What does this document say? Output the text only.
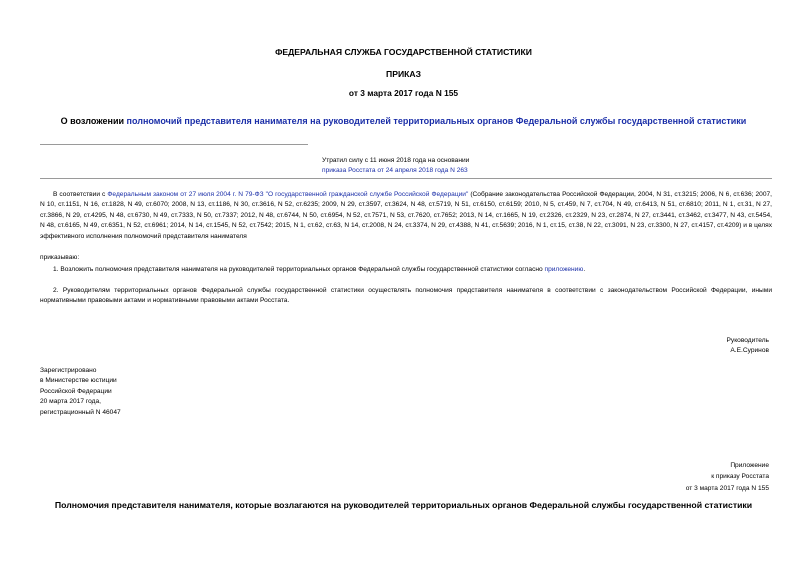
ФЕДЕРАЛЬНАЯ СЛУЖБА ГОСУДАРСТВЕННОЙ СТАТИСТИКИ
ПРИКАЗ
от 3 марта 2017 года N 155
О возложении полномочий представителя нанимателя на руководителей территориальных органов Федеральной службы государственной статистики
Утратил силу с 11 июня 2018 года на основании
приказа Росстата от 24 апреля 2018 года N 263
В соответствии с Федеральным законом от 27 июля 2004 г. N 79-ФЗ "О государственной гражданской службе Российской Федерации" (Собрание законодательства Российской Федерации, 2004, N 31, ст.3215; 2006, N 6, ст.636; 2007, N 10, ст.1151, N 16, ст.1828, N 49, ст.6070; 2008, N 13, ст.1186, N 30, ст.3616, N 52, ст.6235; 2009, N 29, ст.3597, ст.3624, N 48, ст.5719, N 51, ст.6150, ст.6159; 2010, N 5, ст.459, N 7, ст.704, N 49, ст.6413, N 51, ст.6810; 2011, N 1, ст.31, N 27, ст.3866, N 29, ст.4295, N 48, ст.6730, N 49, ст.7333, N 50, ст.7337; 2012, N 48, ст.6744, N 50, ст.6954, N 52, ст.7571, N 53, ст.7620, ст.7652; 2013, N 14, ст.1665, N 19, ст.2326, ст.2329, N 23, ст.2874, N 27, ст.3441, ст.3462, ст.3477, N 43, ст.5454, N 48, ст.6165, N 49, ст.6351, N 52, ст.6961; 2014, N 14, ст.1545, N 52, ст.7542; 2015, N 1, ст.62, ст.63, N 14, ст.2008, N 24, ст.3374, N 29, ст.4388, N 41, ст.5639; 2016, N 1, ст.15, ст.38, N 22, ст.3091, N 23, ст.3300, N 27, ст.4157, ст.4209) и в целях эффективного исполнения полномочий представителя нанимателя
приказываю:
1. Возложить полномочия представителя нанимателя на руководителей территориальных органов Федеральной службы государственной статистики согласно приложению.
2. Руководителям территориальных органов Федеральной службы государственной статистики осуществлять полномочия представителя нанимателя в соответствии с законодательством Российской Федерации, иными нормативными правовыми актами и нормативными правовыми актами Росстата.
Руководитель
А.Е.Суринов
Зарегистрировано
в Министерстве юстиции
Российской Федерации
20 марта 2017 года,
регистрационный N 46047
Приложение
к приказу Росстата
от 3 марта 2017 года N 155
Полномочия представителя нанимателя, которые возлагаются на руководителей территориальных органов Федеральной службы государственной статистики
